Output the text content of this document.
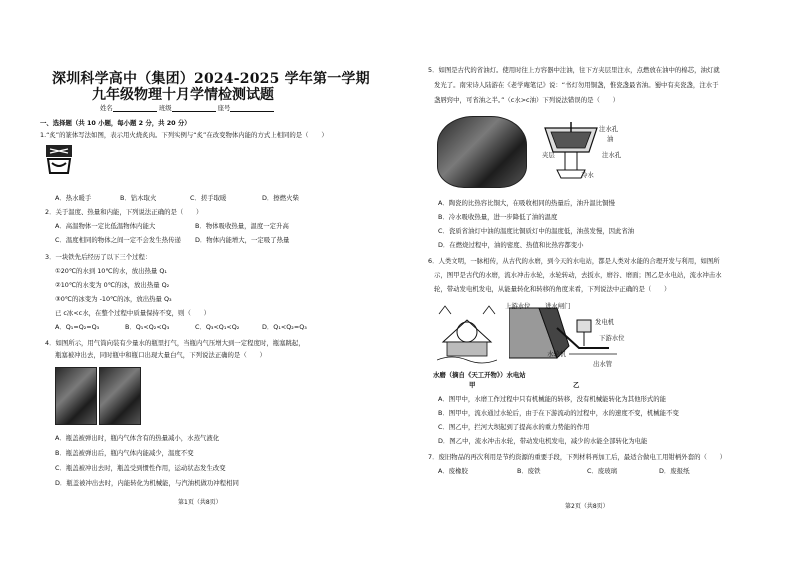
深圳科学高中（集团）2024-2025 学年第一学期
九年级物理十月学情检测试题
姓名	班级	座号
一、选择题（共 10 小题，每小题 2 分，共 20 分）
1.“炙”的篆体写法如图，表示用火烧炙肉。下列实例与“炙”在改变物体内能的方式上相同的是（　　）
A．热水暖手	B．钻木取火	C．搓手取暖	D．擦燃火柴
2．关于温度、热量和内能，下列说法正确的是（　　）
A．高温物体一定比低温物体内能大	B．物体吸收热量，温度一定升高
C．温度相同的物体之间一定不会发生热传递 D．物体内能增大，一定吸了热量
3．一块铁先后经历了以下三个过程：
①20℃的水到 10℃的水，放出热量 Q₁
②10℃的水变为 0℃的冰，放出热量 Q₂
③0℃的冰变为 -10℃的冰，放出热量 Q₃
已 c冰<c水，在整个过程中质量保持不变，则（　　）
A．Q₁=Q₂=Q₃	B．Q₁<Q₂<Q₃	C．Q₃<Q₁<Q₂	D．Q₁<Q₂=Q₃
4．如图所示，用气筒向装有少量水的瓶里打气，当瓶内气压增大到一定程度时，瓶塞跳起，
瓶塞被冲出去，同时瓶中和瓶口出现大量白气，下列说法正确的是（　　）
A．瓶盖被弹出时，瓶内气体含有的热量减小，水蒸气液化
B．瓶盖被弹出后，瓶内气体内能减少，温度不变
C．瓶盖被冲出去时，瓶盖受到惯性作用，运动状态发生改变
D．瓶盖被冲出去时，内能转化为机械能，与汽油机做功冲程相同
第1页（共8页）
5．如图是古代的省油灯。使用时往上方容器中注油，往下方夹层里注水，点燃放在油中的棉芯，油灯就
发光了。南宋诗人陆游在《老学庵笔记》说：“书灯勿用铜盏，惟瓷盏最省油。蜀中有夹瓷盏，注水于
盏唇窍中，可省油之半。”（c水>c油）下列说法错误的是（　　）
注水孔
油
夹层	注水孔
冷水
A．陶瓷的比热容比铜大，在吸收相同的热量后，油升温比铜慢
B．冷水吸收热量，进一步降低了油的温度
C．瓷质省油灯中油的温度比铜质灯中的温度低，油蒸发慢，因此省油
D．在燃烧过程中，油的密度、热值和比热容都变小
6．人类文明，一脉相传，从古代的水磨，到今天的水电站，都是人类对水能的合理开发与利用，如图所
示，图甲是古代的水磨，流水冲击水轮，水轮转动，去扳水，磨谷、磨面；图乙是水电站，流水冲击水
轮，带动发电机发电，从能量转化和转移的角度来看，下列说法中正确的是（　　）
上游水位 进水闸门
发电机
下游水位
水轮机
出水管
水磨（摘自《天工开物》）水电站
甲	乙
A．图甲中，水磨工作过程中只有机械能的转移，没有机械能转化为其他形式的能
B．图甲中，流水通过水轮后，由于在下游流动的过程中，水的速度不变，机械能不变
C．图乙中，拦河大坝起到了提高水的重力势能的作用
D．图乙中，流水冲击水轮，带动发电机发电，减少的水能全部转化为电能
7．废旧物品的再次利用是节约资源的重要手段，下列材料再加工后，最适合做电工用钳柄外套的（　　）
A．废橡胶	B．废铁	C．废玻璃	D．废报纸
第2页（共8页）
